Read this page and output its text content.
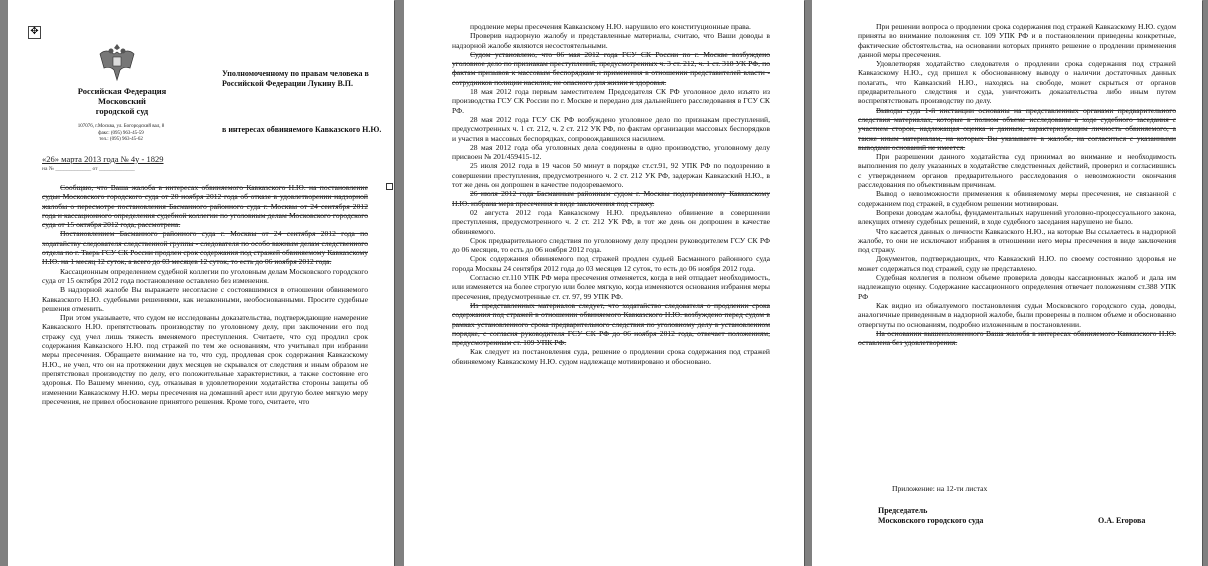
✥
Российская Федерация
Московский
городской суд
107076, г.Москва, ул. Богородский вал, 8
факс: (095) 963-45-59
тел.: (095) 963-45-62
«26» марта 2013 года № 4у - 1829
на № _____________ от _____________
Уполномоченному по правам человека в Российской Федерации Лукину В.П.
в интересах обвиняемого Кавказского Н.Ю.

Сообщаю, что Ваша жалоба в интересах обвиняемого Кавказского Н.Ю. на постановление судьи Московского городского суда от 20 ноября 2012 года об отказе в удовлетворении надзорной жалобы о пересмотре постановления Басманного районного суда г. Москвы от 24 сентября 2012 года и кассационного определения судебной коллегии по уголовным делам Московского городского суда от 15 октября 2012 года, рассмотрена.

Постановлением Басманного районного суда г. Москвы от 24 сентября 2012 года по ходатайству следователя следственной группы - следователя по особо важным делам следственного отдела по г. Тверь ГСУ СК России продлен срок содержания под стражей обвиняемому Кавказскому Н.Ю. на 1 месяц 12 суток, а всего до 03 месяцев 12 суток, то есть до 06 ноября 2012 года.

Кассационным определением судебной коллегии по уголовным делам Московского городского суда от 15 октября 2012 года постановление оставлено без изменения.

В надзорной жалобе Вы выражаете несогласие с состоявшимися в отношении обвиняемого Кавказского Н.Ю. судебными решениями, как незаконными, необоснованными. Просите судебные решения отменить.

При этом указываете, что судом не исследованы доказательства, подтверждающие намерение Кавказского Н.Ю. препятствовать производству по уголовному делу, при заключении его под стражу суд учел лишь тяжесть вменяемого преступления. Считаете, что суд продлил срок содержания Кавказского Н.Ю. под стражей по тем же основаниям, что учитывал при избрании меры пресечения. Обращаете внимание на то, что суд, продлевая срок содержания Кавказскому Н.Ю., не учел, что он на протяжении двух месяцев не скрывался от следствия и иным образом не препятствовал производству по делу, его положительные характеристики, а также состояние его здоровья. По Вашему мнению, суд, отказывая в удовлетворении ходатайства стороны защиты об изменении Кавказскому Н.Ю. меры пресечения на домашний арест или другую более мягкую меру пресечения, не привел обоснование принятого решения. Кроме того, считаете, что

продление меры пресечения Кавказскому Н.Ю. нарушило его конституционные права.

Проверив надзорную жалобу и представленные материалы, считаю, что Ваши доводы в надзорной жалобе являются несостоятельными.

Судом установлено, что 06 мая 2012 года ГСУ СК России по г. Москве возбуждено уголовное дело по признакам преступлений, предусмотренных ч. 3 ст. 212, ч. 1 ст. 318 УК РФ, по фактам призывов к массовым беспорядкам и применения в отношении представителей власти - сотрудников полиции насилия, не опасного для жизни и здоровья.

18 мая 2012 года первым заместителем Председателя СК РФ уголовное дело изъято из производства ГСУ СК России по г. Москве и передано для дальнейшего расследования в ГСУ СК РФ.

28 мая 2012 года ГСУ СК РФ возбуждено уголовное дело по признакам преступлений, предусмотренных ч. 1 ст. 212, ч. 2 ст. 212 УК РФ, по фактам организации массовых беспорядков и участия в массовых беспорядках, сопровождавшихся насилием.

28 мая 2012 года оба уголовных дела соединены в одно производство, уголовному делу присвоен № 201/459415-12.

25 июля 2012 года в 19 часов 50 минут в порядке ст.ст.91, 92 УПК РФ по подозрению в совершении преступления, предусмотренного ч. 2 ст. 212 УК РФ, задержан Кавказский Н.Ю., в тот же день он допрошен в качестве подозреваемого.

26 июля 2012 года Басманным районным судом г. Москвы подозреваемому Кавказскому Н.Ю. избрана мера пресечения в виде заключения под стражу.

02 августа 2012 года Кавказскому Н.Ю. предъявлено обвинение в совершении преступления, предусмотренного ч. 2 ст. 212 УК РФ, в тот же день он допрошен в качестве обвиняемого.

Срок предварительного следствия по уголовному делу продлен руководителем ГСУ СК РФ до 06 месяцев, то есть до 06 ноября 2012 года.

Срок содержания обвиняемого под стражей продлен судьей Басманного районного суда города Москвы 24 сентября 2012 года до 03 месяцев 12 суток, то есть до 06 ноября 2012 года.

Согласно ст.110 УПК РФ мера пресечения отменяется, когда в ней отпадает необходимость, или изменяется на более строгую или более мягкую, когда изменяются основания избрания меры пресечения, предусмотренные ст. ст. 97, 99 УПК РФ.

Из представленных материалов следует, что ходатайство следователя о продлении срока содержания под стражей в отношении обвиняемого Кавказского Н.Ю. возбуждено перед судом в рамках установленного срока предварительного следствия по уголовному делу в установленном порядке, с согласия руководителя ГСУ СК РФ до 06 ноября 2012 года, отвечает положениям, предусмотренным ст. 109 УПК РФ.

Как следует из постановления суда, решение о продлении срока содержания под стражей обвиняемому Кавказскому Н.Ю. судом надлежаще мотивировано и обосновано.

При решении вопроса о продлении срока содержания под стражей Кавказскому Н.Ю. судом приняты во внимание положения ст. 109 УПК РФ и в постановлении приведены конкретные, фактические обстоятельства, на основании которых принято решение о продлении применения данной меры пресечения.

Удовлетворяя ходатайство следователя о продлении срока содержания под стражей Кавказскому Н.Ю., суд пришел к обоснованному выводу о наличии достаточных данных полагать, что Кавказский Н.Ю., находясь на свободе, может скрыться от органов предварительного следствия и суда, уничтожить доказательства либо иным путем воспрепятствовать производству по делу.

Выводы суда 1-й инстанции основаны на представленных органами предварительного следствия материалах, которые в полном объеме исследованы в ходе судебного заседания с участием сторон, надлежащая оценка и данным, характеризующим личность обвиняемого, а также иным материалам, на которых Вы указываете в жалобе, на согласиться с указанными выводами оснований не имеется.

При разрешении данного ходатайства суд принимал во внимание и необходимость выполнения по делу указанных в ходатайстве следственных действий, проверил и согласившись с утверждением органов предварительного расследования о невозможности окончания расследования по объективным причинам.

Вывод о невозможности применения к обвиняемому меры пресечения, не связанной с содержанием под стражей, в судебном решении мотивирован.

Вопреки доводам жалобы, фундаментальных нарушений уголовно-процессуального закона, влекущих отмену судебных решений, в ходе судебного заседания нарушено не было.

Что касается данных о личности Кавказского Н.Ю., на которые Вы ссылаетесь в надзорной жалобе, то они не исключают избрания в отношении него меры пресечения в виде заключения под стражу.

Документов, подтверждающих, что Кавказский Н.Ю. по своему состоянию здоровья не может содержаться под стражей, суду не представлено.

Судебная коллегия в полном объеме проверила доводы кассационных жалоб и дала им надлежащую оценку. Содержание кассационного определения отвечает положениям ст.388 УПК РФ

Как видно из обжалуемого постановления судьи Московского городского суда, доводы, аналогичные приведенным в надзорной жалобе, были проверены в полном объеме и обоснованно отвергнуты по основаниям, подробно изложенным в постановлении.

На основании вышеизложенного Ваша жалоба в интересах обвиняемого Кавказского Н.Ю. оставлена без удовлетворения.

Приложение: на 12-ти листах
Председатель
Московского городского суда	О.А. Егорова
